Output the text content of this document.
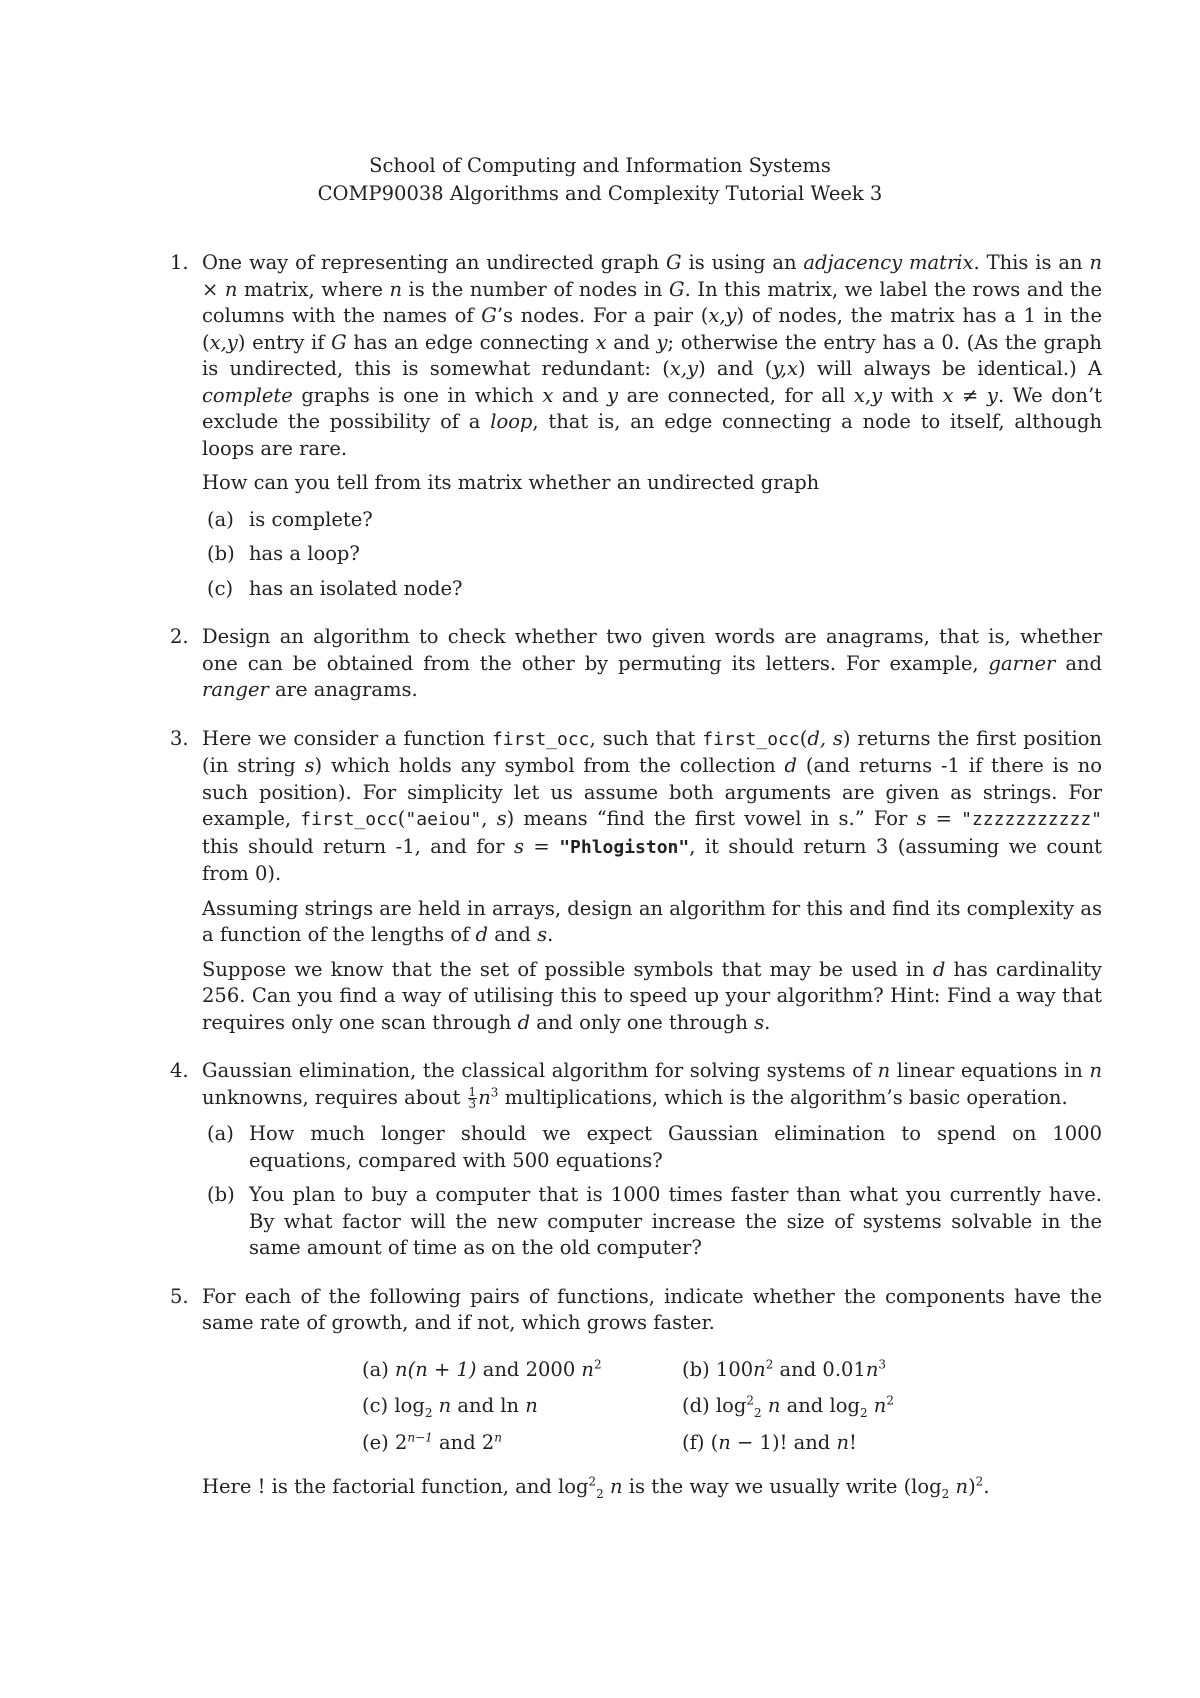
School of Computing and Information Systems
COMP90038 Algorithms and Complexity Tutorial Week 3
1. One way of representing an undirected graph G is using an adjacency matrix. This is an n × n matrix, where n is the number of nodes in G. In this matrix, we label the rows and the columns with the names of G’s nodes. For a pair (x,y) of nodes, the matrix has a 1 in the (x,y) entry if G has an edge connecting x and y; otherwise the entry has a 0. (As the graph is undirected, this is somewhat redundant: (x,y) and (y,x) will always be identical.) A complete graphs is one in which x and y are connected, for all x,y with x ≠ y. We don’t exclude the possibility of a loop, that is, an edge connecting a node to itself, although loops are rare.

How can you tell from its matrix whether an undirected graph

(a) is complete?
(b) has a loop?
(c) has an isolated node?
2. Design an algorithm to check whether two given words are anagrams, that is, whether one can be obtained from the other by permuting its letters. For example, garner and ranger are anagrams.

3. Here we consider a function first_occ, such that first_occ(d, s) returns the first position (in string s) which holds any symbol from the collection d (and returns -1 if there is no such position). For simplicity let us assume both arguments are given as strings. For example, first_occ("aeiou", s) means “find the first vowel in s.” For s = "zzzzzzzzzzz" this should return -1, and for s = "Phlogiston", it should return 3 (assuming we count from 0).

Assuming strings are held in arrays, design an algorithm for this and find its complexity as a function of the lengths of d and s.

Suppose we know that the set of possible symbols that may be used in d has cardinality 256. Can you find a way of utilising this to speed up your algorithm? Hint: Find a way that requires only one scan through d and only one through s.

4. Gaussian elimination, the classical algorithm for solving systems of n linear equations in n unknowns, requires about $\frac{1}{3} n^3$ multiplications, which is the algorithm’s basic operation.

(a) How much longer should we expect Gaussian elimination to spend on 1000 equations, compared with 500 equations?
(b) You plan to buy a computer that is 1000 times faster than what you currently have. By what factor will the new computer increase the size of systems solvable in the same amount of time as on the old computer?
5. For each of the following pairs of functions, indicate whether the components have the same rate of growth, and if not, which grows faster.

(a) n(n + 1) and 2000 $n^2$	(b) $100n^2$ and $0.01n^3$
(c) $\log_2 n$ and ln n	(d) $\log^2_2 n$ and $\log_2 n^2$
(e) $2^{n-1}$ and 2$^n$	(f) (n − 1)! and n!

Here ! is the factorial function, and $\log^2_2 n$ is the way we usually write ($\log_2$ n)$^2$.
